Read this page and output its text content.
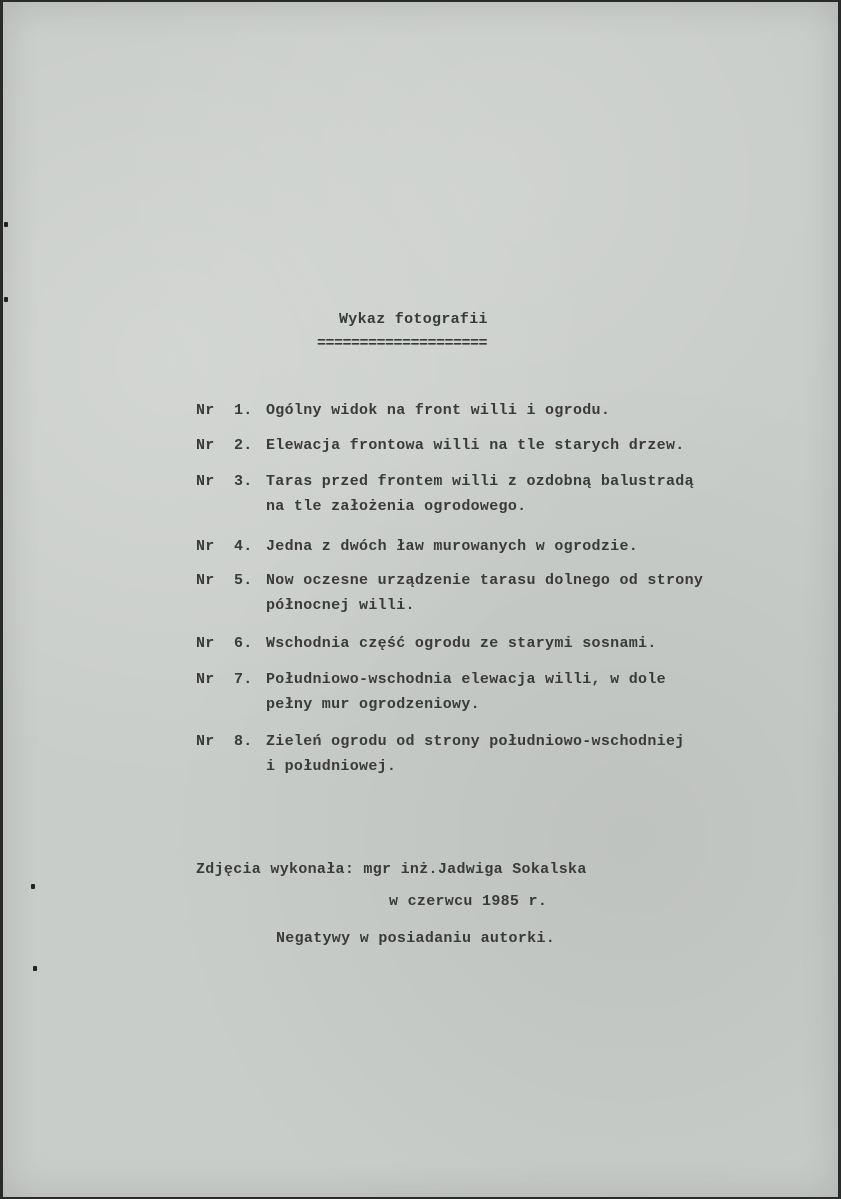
Wykaz fotografii
====================
Nr 1. Ogólny widok na front willi i ogrodu.
Nr 2. Elewacja frontowa willi na tle starych drzew.
Nr 3. Taras przed frontem willi z ozdobną balustradą
na tle założenia ogrodowego.
Nr 4. Jedna z dwóch ław murowanych w ogrodzie.
Nr 5. Now oczesne urządzenie tarasu dolnego od strony
północnej willi.
Nr 6. Wschodnia część ogrodu ze starymi sosnami.
Nr 7. Południowo-wschodnia elewacja willi, w dole
pełny mur ogrodzeniowy.
Nr 8. Zieleń ogrodu od strony południowo-wschodniej
i południowej.
Zdjęcia wykonała: mgr inż.Jadwiga Sokalska
w czerwcu 1985 r.
Negatywy w posiadaniu autorki.
